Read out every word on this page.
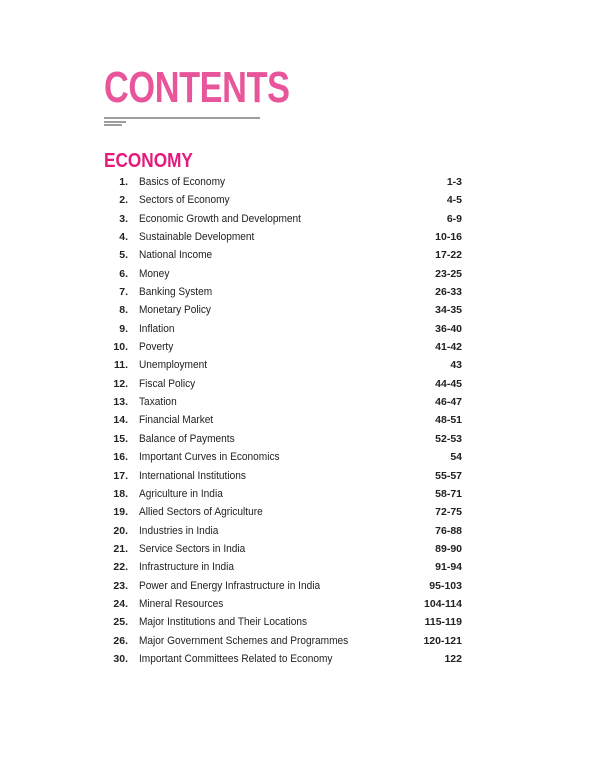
CONTENTS
ECONOMY
1. Basics of Economy	1-3
2. Sectors of Economy	4-5
3. Economic Growth and Development	6-9
4. Sustainable Development	10-16
5. National Income	17-22
6. Money	23-25
7. Banking System	26-33
8. Monetary Policy	34-35
9. Inflation	36-40
10. Poverty	41-42
11. Unemployment	43
12. Fiscal Policy	44-45
13. Taxation	46-47
14. Financial Market	48-51
15. Balance of Payments	52-53
16. Important Curves in Economics	54
17. International Institutions	55-57
18. Agriculture in India	58-71
19. Allied Sectors of Agriculture	72-75
20. Industries in India	76-88
21. Service Sectors in India	89-90
22. Infrastructure in India	91-94
23. Power and Energy Infrastructure in India	95-103
24. Mineral Resources	104-114
25. Major Institutions and Their Locations	115-119
26. Major Government Schemes and Programmes	120-121
30. Important Committees Related to Economy	122
